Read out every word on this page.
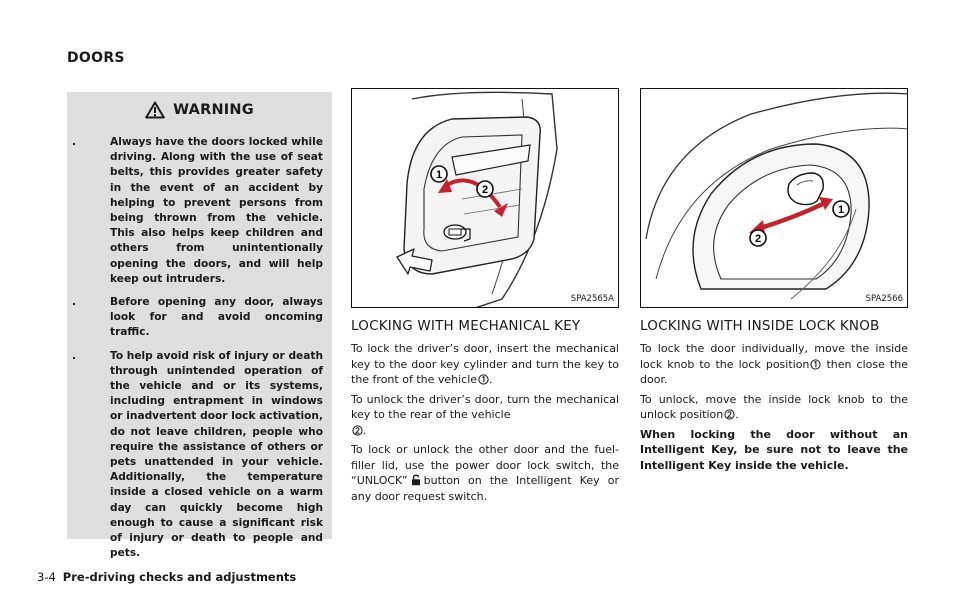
DOORS
WARNING
.	Always have the doors locked while driving. Along with the use of seat belts, this provides greater safety in the event of an accident by helping to prevent persons from being thrown from the vehicle. This also helps keep children and others from unintentionally opening the doors, and will help keep out intruders.
.	Before opening any door, always look for and avoid oncoming traffic.
.	To help avoid risk of injury or death through unintended operation of the vehicle and or its systems, including entrapment in windows or inadvertent door lock activation, do not leave children, people who require the assistance of others or pets unattended in your vehicle. Additionally, the temperature inside a closed vehicle on a warm day can quickly become high enough to cause a significant risk of injury or death to people and pets.
1
2
SPA2565A
1
2
SPA2566
LOCKING WITH MECHANICAL KEY

To lock the driver’s door, insert the mechanical key to the door key cylinder and turn the key to the front of the vehicle .

To unlock the driver’s door, turn the mechanical key to the rear of the vehicle
.

To lock or unlock the other door and the fuel-filler lid, use the power door lock switch, the “UNLOCK” button on the Intelligent Key or any door request switch.

LOCKING WITH INSIDE LOCK KNOB

To lock the door individually, move the inside lock knob to the lock position then close the door.

To unlock, move the inside lock knob to the unlock position .

When locking the door without an Intelligent Key, be sure not to leave the Intelligent Key inside the vehicle.

3-4 Pre-driving checks and adjustments
